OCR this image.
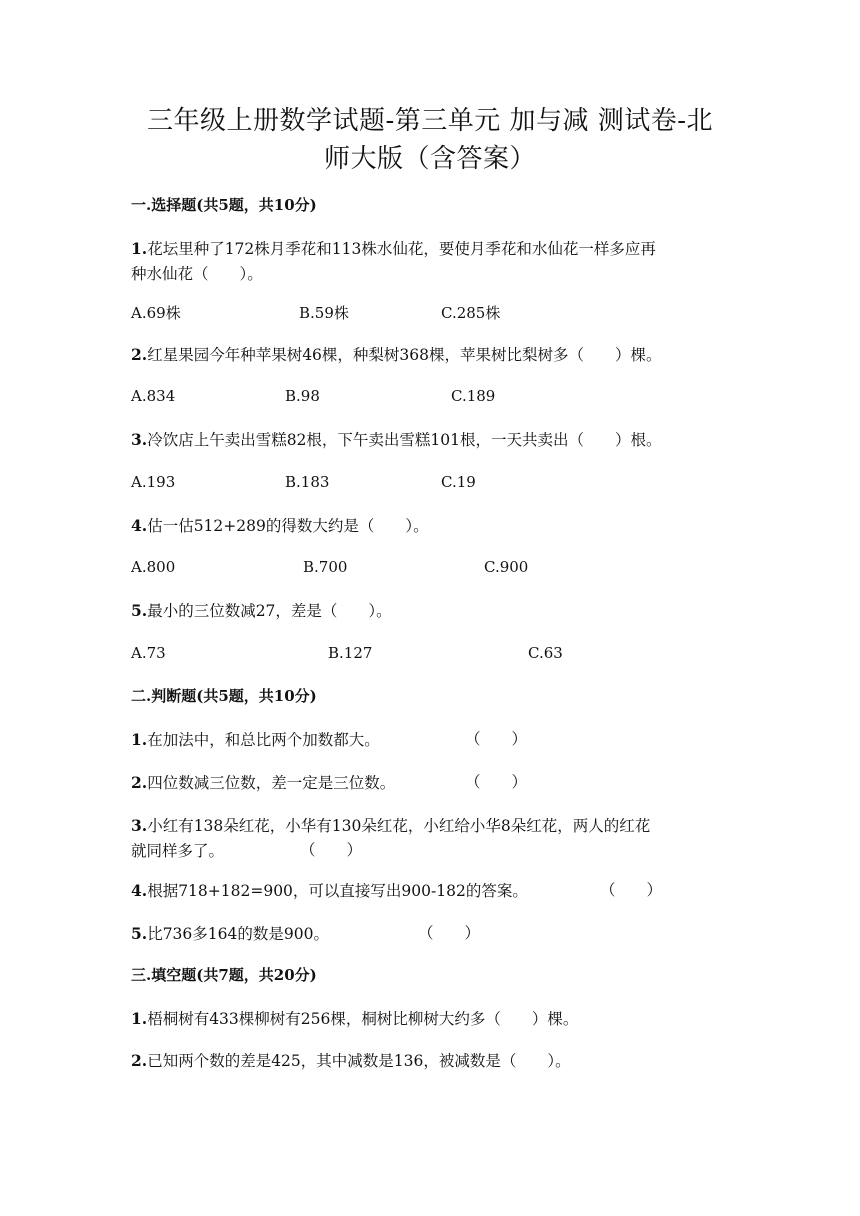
三年级上册数学试题-第三单元 加与减 测试卷-北
师大版（含答案）
一.选择题(共5题，共10分)
1.花坛里种了172株月季花和113株水仙花，要使月季花和水仙花一样多应再
种水仙花（　　）。
A.69株	B.59株	C.285株
2.红星果园今年种苹果树46棵，种梨树368棵，苹果树比梨树多（　　）棵。
A.834	B.98	C.189
3.冷饮店上午卖出雪糕82根，下午卖出雪糕101根，一天共卖出（　　）根。
A.193	B.183	C.19
4.估一估512+289的得数大约是（　　）。
A.800	B.700	C.900
5.最小的三位数减27，差是（　　）。
A.73	B.127	C.63
二.判断题(共5题，共10分)
1.在加法中，和总比两个加数都大。	（　　）
2.四位数减三位数，差一定是三位数。	（　　）
3.小红有138朵红花，小华有130朵红花，小红给小华8朵红花，两人的红花
就同样多了。	（　　）
4.根据718+182=900，可以直接写出900-182的答案。	（　　）
5.比736多164的数是900。	（　　）
三.填空题(共7题，共20分)
1.梧桐树有433棵柳树有256棵，桐树比柳树大约多（　　）棵。
2.已知两个数的差是425，其中减数是136，被减数是（　　）。
